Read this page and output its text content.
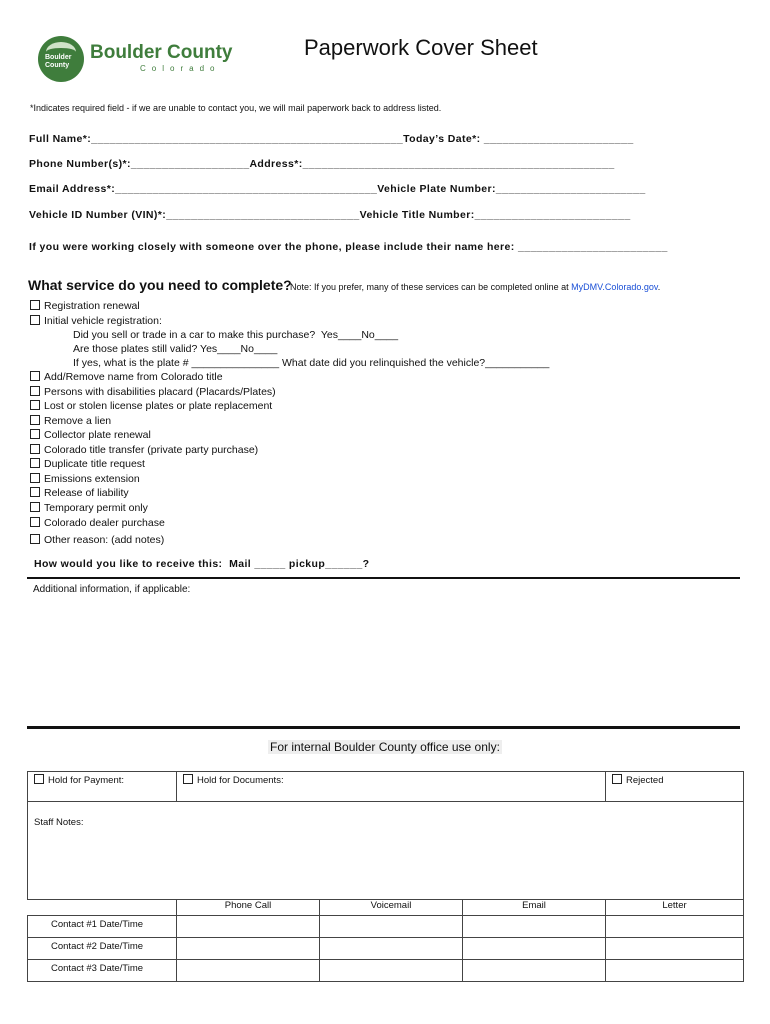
Boulder
County
Boulder County
Colorado
Paperwork Cover Sheet
*Indicates required field - if we are unable to contact you, we will mail paperwork back to address listed.
Full Name*:__________________________________________________Today’s Date*: ________________________
Phone Number(s)*:___________________Address*:__________________________________________________
Email Address*:__________________________________________Vehicle Plate Number:________________________
Vehicle ID Number (VIN)*:_______________________________Vehicle Title Number:_________________________
If you were working closely with someone over the phone, please include their name here: ________________________
What service do you need to complete?
Note: If you prefer, many of these services can be completed online at MyDMV.Colorado.gov.
Registration renewal
Initial vehicle registration:
Did you sell or trade in a car to make this purchase?  Yes____No____
Are those plates still valid? Yes____No____
If yes, what is the plate # _______________ What date did you relinquished the vehicle?___________
Add/Remove name from Colorado title
Persons with disabilities placard (Placards/Plates)
Lost or stolen license plates or plate replacement
Remove a lien
Collector plate renewal
Colorado title transfer (private party purchase)
Duplicate title request
Emissions extension
Release of liability
Temporary permit only
Colorado dealer purchase
Other reason: (add notes)
How would you like to receive this:  Mail _____ pickup______?
Additional information, if applicable:
For internal Boulder County office use only:
Hold for Payment:	Hold for Documents:			Rejected

Staff Notes:				

	Phone Call	Voicemail	Email	Letter

Contact #1 Date/Time				

Contact #2 Date/Time				

Contact #3 Date/Time				
